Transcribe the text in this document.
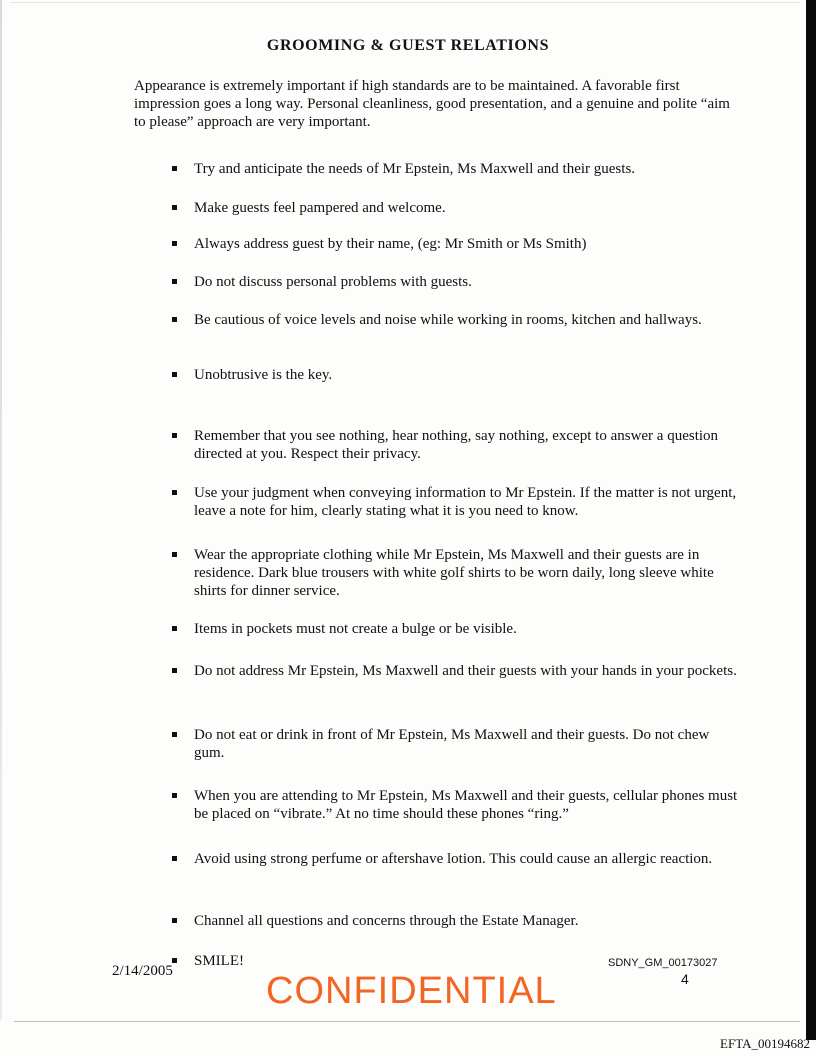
GROOMING & GUEST RELATIONS
Appearance is extremely important if high standards are to be maintained. A favorable first impression goes a long way. Personal cleanliness, good presentation, and a genuine and polite “aim to please” approach are very important.
Try and anticipate the needs of Mr Epstein, Ms Maxwell and their guests.
Make guests feel pampered and welcome.
Always address guest by their name, (eg: Mr Smith or Ms Smith)
Do not discuss personal problems with guests.
Be cautious of voice levels and noise while working in rooms, kitchen and hallways.
Unobtrusive is the key.
Remember that you see nothing, hear nothing, say nothing, except to answer a question directed at you. Respect their privacy.
Use your judgment when conveying information to Mr Epstein. If the matter is not urgent, leave a note for him, clearly stating what it is you need to know.
Wear the appropriate clothing while Mr Epstein, Ms Maxwell and their guests are in residence. Dark blue trousers with white golf shirts to be worn daily, long sleeve white shirts for dinner service.
Items in pockets must not create a bulge or be visible.
Do not address Mr Epstein, Ms Maxwell and their guests with your hands in your pockets.
Do not eat or drink in front of Mr Epstein, Ms Maxwell and their guests. Do not chew gum.
When you are attending to Mr Epstein, Ms Maxwell and their guests, cellular phones must be placed on “vibrate.” At no time should these phones “ring.”
Avoid using strong perfume or aftershave lotion. This could cause an allergic reaction.
Channel all questions and concerns through the Estate Manager.
SMILE!
2/14/2005	SDNY_GM_00173027
4
CONFIDENTIAL
EFTA_00194682
